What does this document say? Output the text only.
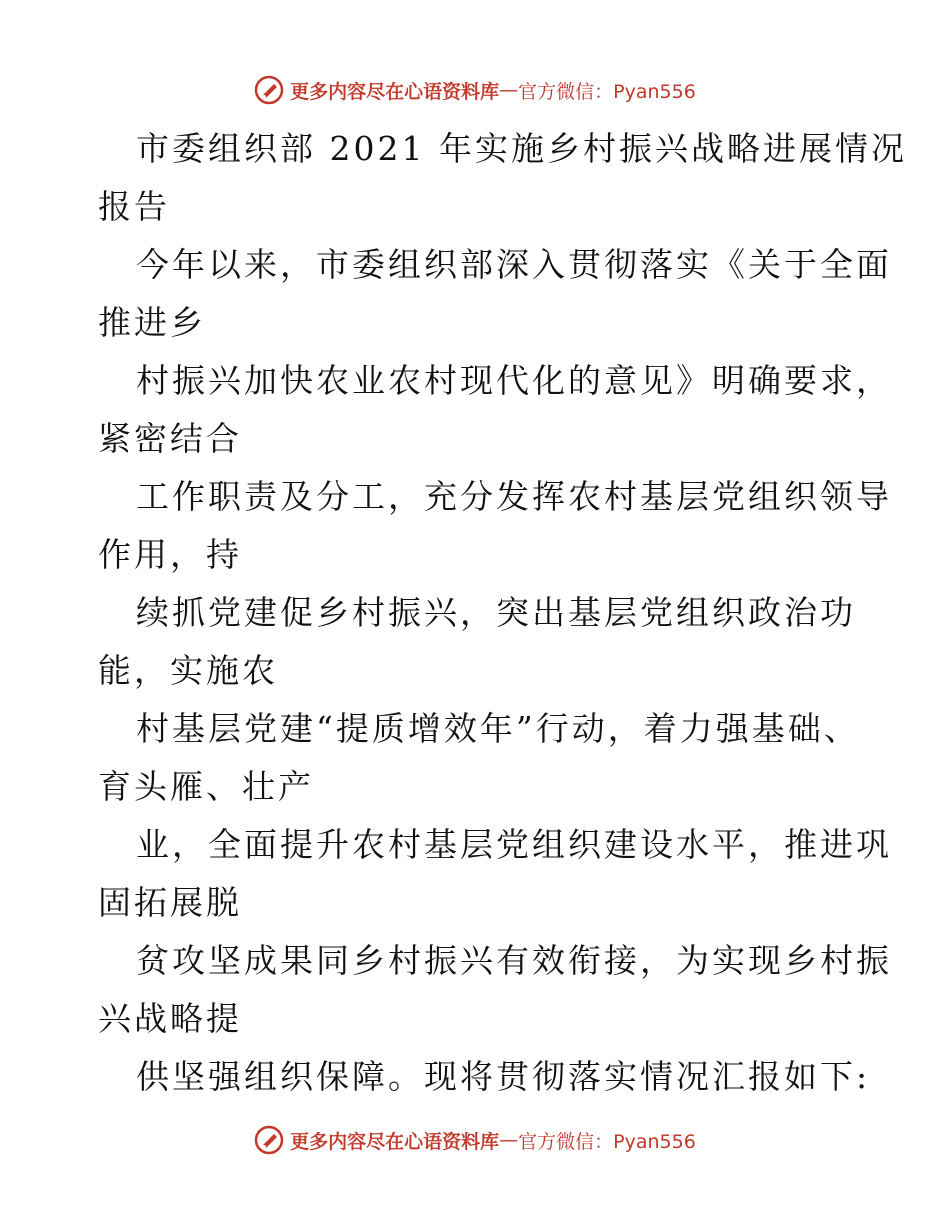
更多内容尽在心语资料库 — 官方微信：Pyan556
市委组织部 2021 年实施乡村振兴战略进展情况
报告
今年以来，市委组织部深入贯彻落实《关于全面
推进乡
村振兴加快农业农村现代化的意见》明确要求，
紧密结合
工作职责及分工，充分发挥农村基层党组织领导
作用，持
续抓党建促乡村振兴，突出基层党组织政治功
能，实施农
村基层党建“提质增效年”行动，着力强基础、
育头雁、壮产
业，全面提升农村基层党组织建设水平，推进巩
固拓展脱
贫攻坚成果同乡村振兴有效衔接，为实现乡村振
兴战略提
供坚强组织保障。现将贯彻落实情况汇报如下:
更多内容尽在心语资料库 — 官方微信：Pyan556
